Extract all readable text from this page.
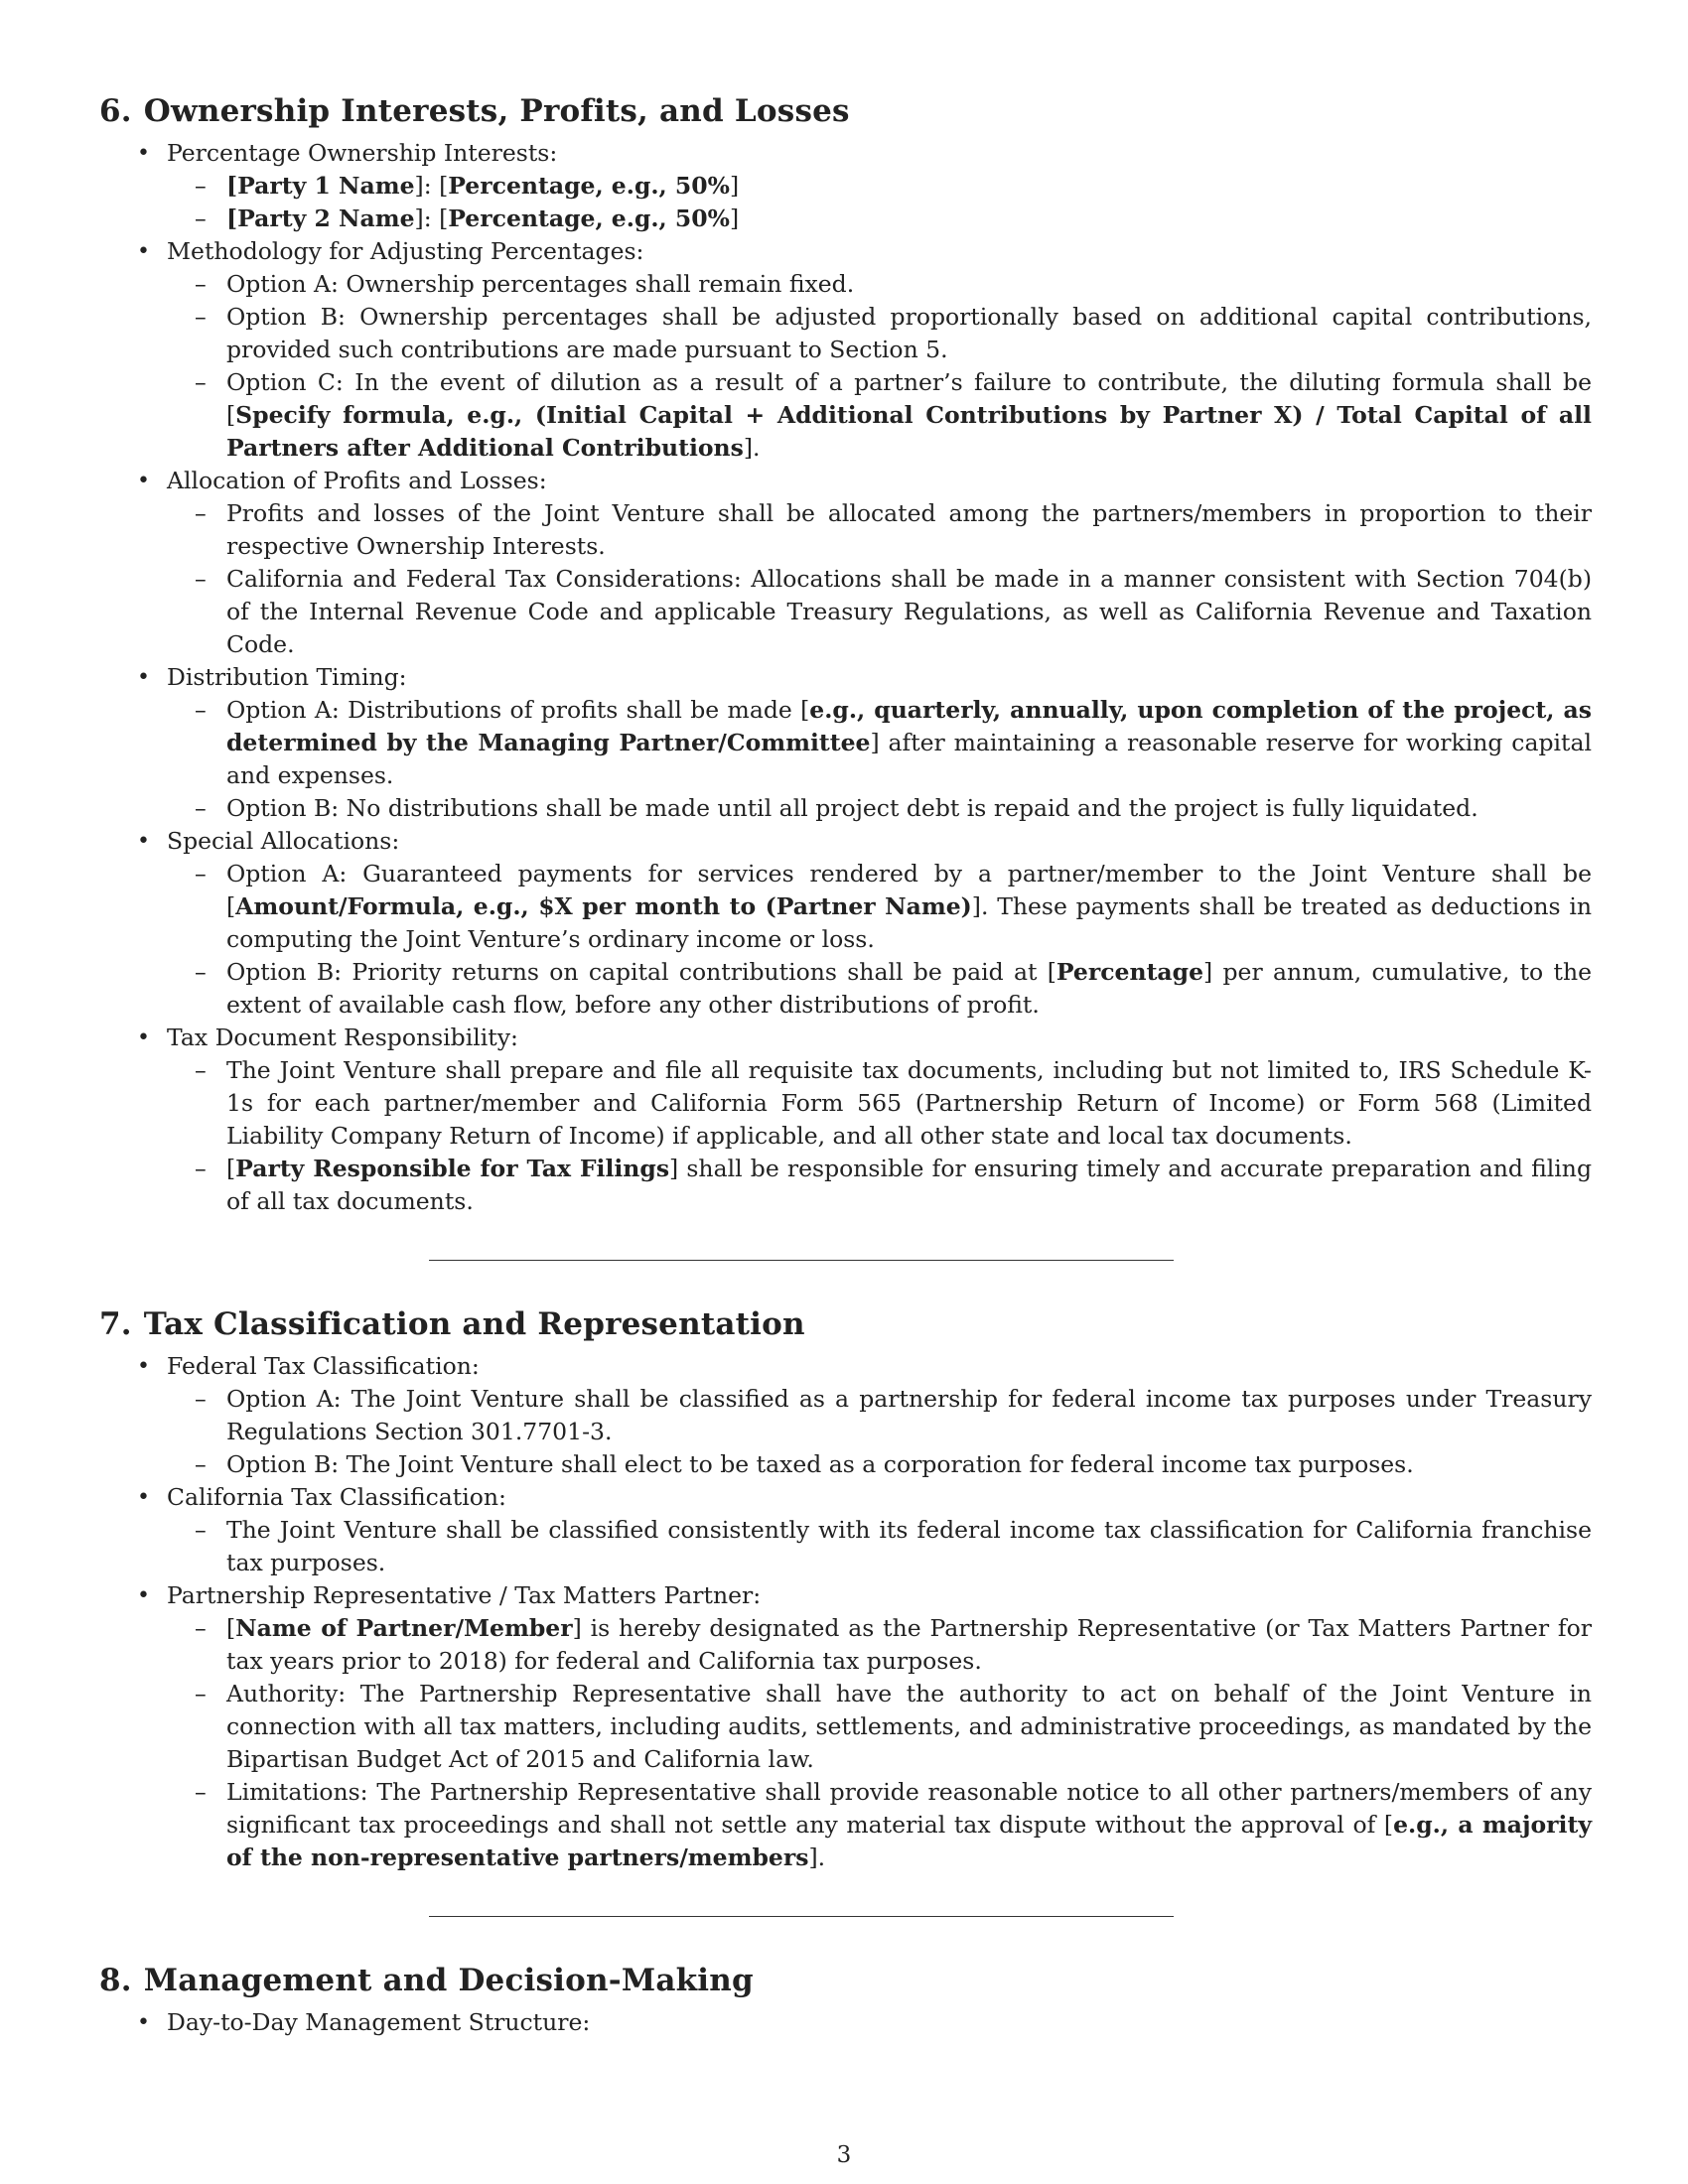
6. Ownership Interests, Profits, and Losses
• Percentage Ownership Interests:
– [Party 1 Name]: [Percentage, e.g., 50%]
– [Party 2 Name]: [Percentage, e.g., 50%]
• Methodology for Adjusting Percentages:
– Option A: Ownership percentages shall remain fixed.
– Option B: Ownership percentages shall be adjusted proportionally based on additional capital contributions, provided such contributions are made pursuant to Section 5.
– Option C: In the event of dilution as a result of a partner’s failure to contribute, the diluting formula shall be [Specify formula, e.g., (Initial Capital + Additional Contributions by Partner X) / Total Capital of all Partners after Additional Contributions].
• Allocation of Profits and Losses:
– Profits and losses of the Joint Venture shall be allocated among the partners/members in proportion to their respective Ownership Interests.
– California and Federal Tax Considerations: Allocations shall be made in a manner consistent with Section 704(b) of the Internal Revenue Code and applicable Treasury Regulations, as well as California Revenue and Taxation Code.
• Distribution Timing:
– Option A: Distributions of profits shall be made [e.g., quarterly, annually, upon completion of the project, as determined by the Managing Partner/Committee] after maintaining a reasonable reserve for working capital and expenses.
– Option B: No distributions shall be made until all project debt is repaid and the project is fully liquidated.
• Special Allocations:
– Option A: Guaranteed payments for services rendered by a partner/member to the Joint Venture shall be [Amount/Formula, e.g., $X per month to (Partner Name)]. These payments shall be treated as deductions in computing the Joint Venture’s ordinary income or loss.
– Option B: Priority returns on capital contributions shall be paid at [Percentage] per annum, cumulative, to the extent of available cash flow, before any other distributions of profit.
• Tax Document Responsibility:
– The Joint Venture shall prepare and file all requisite tax documents, including but not limited to, IRS Schedule K-1s for each partner/member and California Form 565 (Partnership Return of Income) or Form 568 (Limited Liability Company Return of Income) if applicable, and all other state and local tax documents.
– [Party Responsible for Tax Filings] shall be responsible for ensuring timely and accurate preparation and filing of all tax documents.
7. Tax Classification and Representation
• Federal Tax Classification:
– Option A: The Joint Venture shall be classified as a partnership for federal income tax purposes under Treasury Regulations Section 301.7701-3.
– Option B: The Joint Venture shall elect to be taxed as a corporation for federal income tax purposes.
• California Tax Classification:
– The Joint Venture shall be classified consistently with its federal income tax classification for California franchise tax purposes.
• Partnership Representative / Tax Matters Partner:
– [Name of Partner/Member] is hereby designated as the Partnership Representative (or Tax Matters Partner for tax years prior to 2018) for federal and California tax purposes.
– Authority: The Partnership Representative shall have the authority to act on behalf of the Joint Venture in connection with all tax matters, including audits, settlements, and administrative proceedings, as mandated by the Bipartisan Budget Act of 2015 and California law.
– Limitations: The Partnership Representative shall provide reasonable notice to all other partners/members of any significant tax proceedings and shall not settle any material tax dispute without the approval of [e.g., a majority of the non-representative partners/members].
8. Management and Decision-Making
• Day-to-Day Management Structure:
3
